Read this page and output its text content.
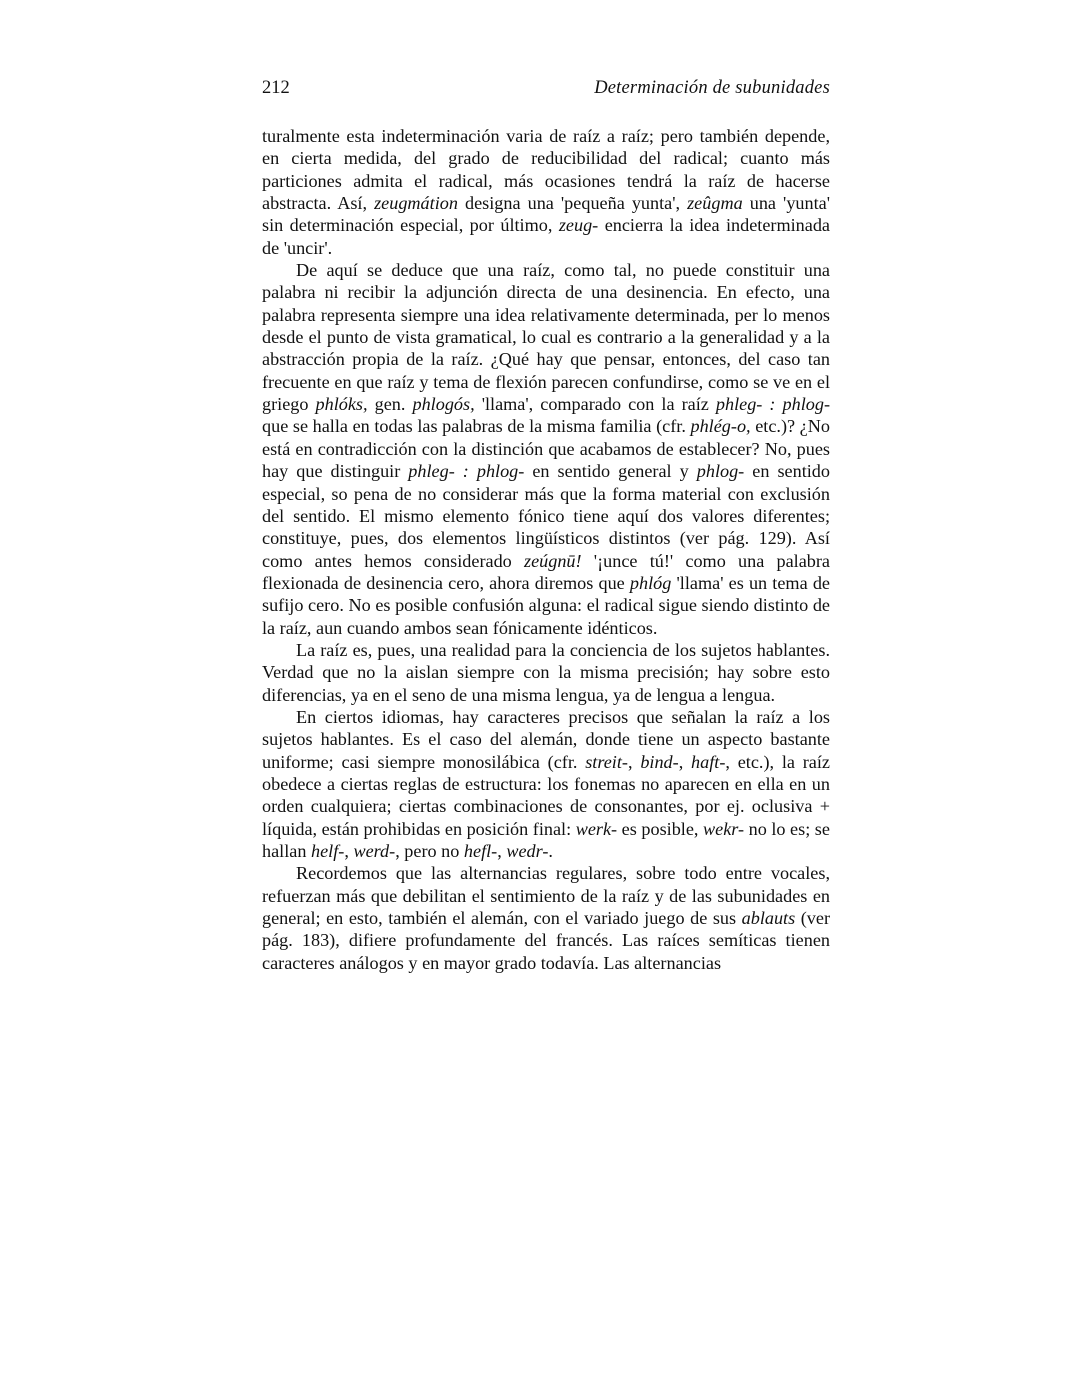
212	Determinación de subunidades

turalmente esta indeterminación varia de raíz a raíz; pero también depende, en cierta medida, del grado de reducibilidad del radical; cuanto más particiones admita el radical, más ocasiones tendrá la raíz de hacerse abstracta. Así, zeugmátion designa una 'pequeña yunta', zeûgma una 'yunta' sin determinación especial, por último, zeug- encierra la idea indeterminada de 'uncir'.

De aquí se deduce que una raíz, como tal, no puede constituir una palabra ni recibir la adjunción directa de una desinencia. En efecto, una palabra representa siempre una idea relativamente determinada, per lo menos desde el punto de vista gramatical, lo cual es contrario a la generalidad y a la abstracción propia de la raíz. ¿Qué hay que pensar, entonces, del caso tan frecuente en que raíz y tema de flexión parecen confundirse, como se ve en el griego phlóks, gen. phlogós, 'llama', comparado con la raíz phleg- : phlog- que se halla en todas las palabras de la misma familia (cfr. phlég-o, etc.)? ¿No está en contradicción con la distinción que acabamos de establecer? No, pues hay que distinguir phleg- : phlog- en sentido general y phlog- en sentido especial, so pena de no considerar más que la forma material con exclusión del sentido. El mismo elemento fónico tiene aquí dos valores diferentes; constituye, pues, dos elementos lingüísticos distintos (ver pág. 129). Así como antes hemos considerado zeúgnū! '¡unce tú!' como una palabra flexionada de desinencia cero, ahora diremos que phlóg 'llama' es un tema de sufijo cero. No es posible confusión alguna: el radical sigue siendo distinto de la raíz, aun cuando ambos sean fónicamente idénticos.

La raíz es, pues, una realidad para la conciencia de los sujetos hablantes. Verdad que no la aislan siempre con la misma precisión; hay sobre esto diferencias, ya en el seno de una misma lengua, ya de lengua a lengua.

En ciertos idiomas, hay caracteres precisos que señalan la raíz a los sujetos hablantes. Es el caso del alemán, donde tiene un aspecto bastante uniforme; casi siempre monosilábica (cfr. streit-, bind-, haft-, etc.), la raíz obedece a ciertas reglas de estructura: los fonemas no aparecen en ella en un orden cualquiera; ciertas combinaciones de consonantes, por ej. oclusiva + líquida, están prohibidas en posición final: werk- es posible, wekr- no lo es; se hallan helf-, werd-, pero no hefl-, wedr-.

Recordemos que las alternancias regulares, sobre todo entre vocales, refuerzan más que debilitan el sentimiento de la raíz y de las subunidades en general; en esto, también el alemán, con el variado juego de sus ablauts (ver pág. 183), difiere profundamente del francés. Las raíces semíticas tienen caracteres análogos y en mayor grado todavía. Las alternancias
